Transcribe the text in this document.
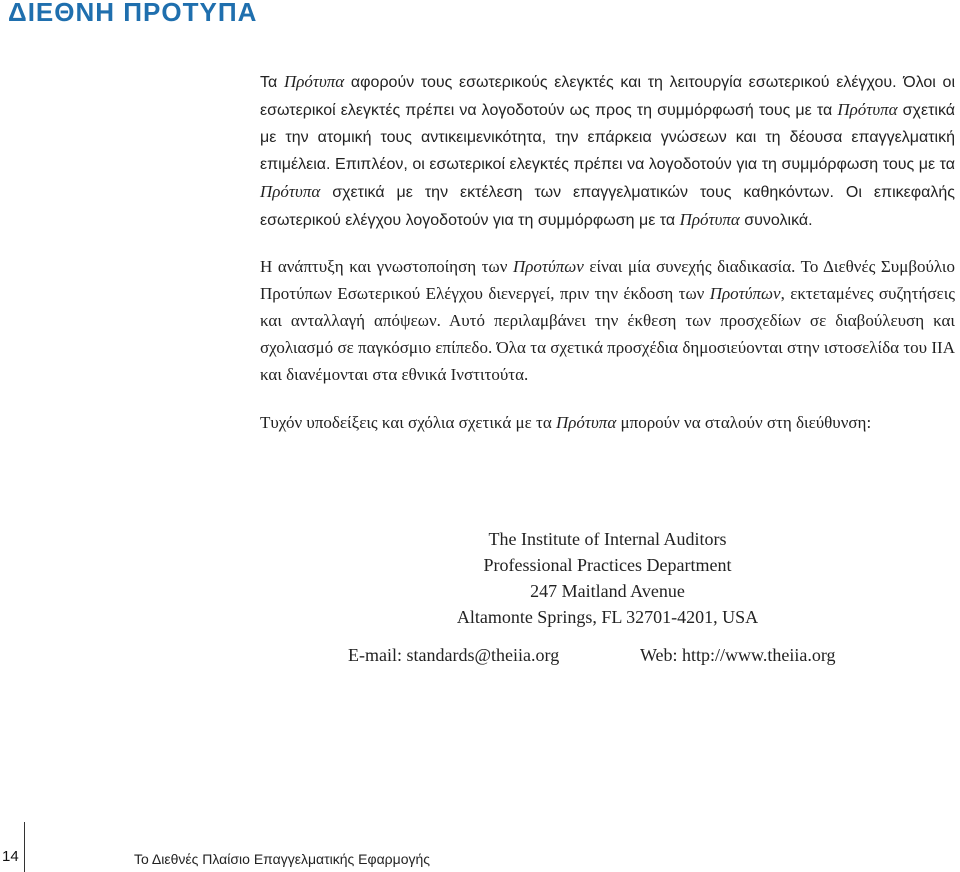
ΔΙΕΘΝΗ ΠΡΟΤΥΠΑ

Τα Πρότυπα αφορούν τους εσωτερικούς ελεγκτές και τη λειτουργία εσωτερικού ελέγχου. Όλοι οι εσωτερικοί ελεγκτές πρέπει να λογοδοτούν ως προς τη συμμόρφωσή τους με τα Πρότυπα σχετικά με την ατομική τους αντικειμενικότητα, την επάρκεια γνώσεων και τη δέουσα επαγγελματική επιμέλεια. Επιπλέον, οι εσωτερικοί ελεγκτές πρέπει να λογοδοτούν για τη συμμόρφωση τους με τα Πρότυπα σχετικά με την εκτέλεση των επαγγελματικών τους καθηκόντων. Οι επικεφαλής εσωτερικού ελέγχου λογοδοτούν για τη συμμόρφωση με τα Πρότυπα συνολικά.

Η ανάπτυξη και γνωστοποίηση των Προτύπων είναι μία συνεχής διαδικασία. Το Διεθνές Συμβούλιο Προτύπων Εσωτερικού Ελέγχου διενεργεί, πριν την έκδοση των Προτύπων, εκτεταμένες συζητήσεις και ανταλλαγή απόψεων. Αυτό περιλαμβάνει την έκθεση των προσχεδίων σε διαβούλευση και σχολιασμό σε παγκόσμιο επίπεδο. Όλα τα σχετικά προσχέδια δημοσιεύονται στην ιστοσελίδα του IIA και διανέμονται στα εθνικά Ινστιτούτα.

Τυχόν υποδείξεις και σχόλια σχετικά με τα Πρότυπα μπορούν να σταλούν στη διεύθυνση:

The Institute of Internal Auditors
Professional Practices Department
247 Maitland Avenue
Altamonte Springs, FL 32701-4201, USA
E-mail: standards@theiia.org	Web: http://www.theiia.org
14	Το Διεθνές Πλαίσιο Επαγγελματικής Εφαρμογής
